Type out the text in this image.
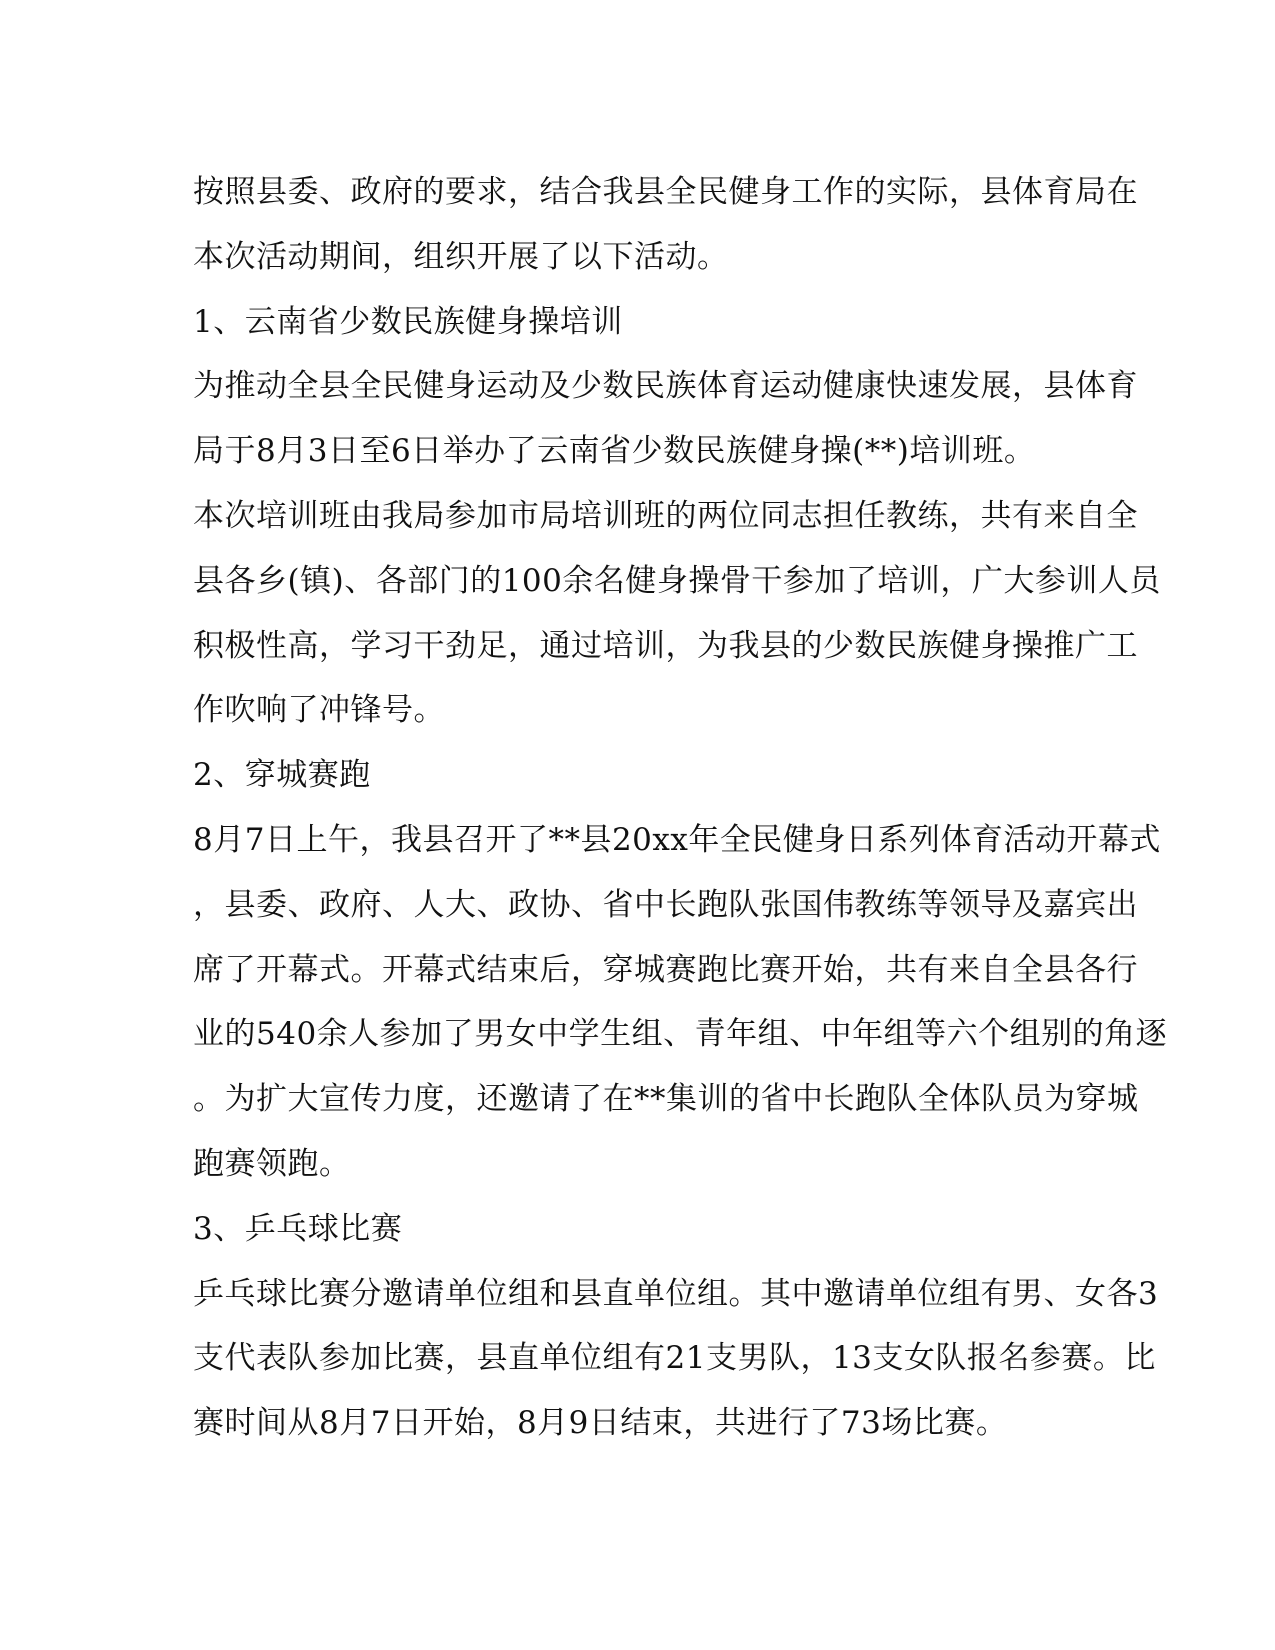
按照县委、政府的要求，结合我县全民健身工作的实际，县体育局在
本次活动期间，组织开展了以下活动。
1、云南省少数民族健身操培训
为推动全县全民健身运动及少数民族体育运动健康快速发展，县体育
局于8月3日至6日举办了云南省少数民族健身操(**)培训班。
本次培训班由我局参加市局培训班的两位同志担任教练，共有来自全
县各乡(镇)、各部门的100余名健身操骨干参加了培训，广大参训人员
积极性高，学习干劲足，通过培训，为我县的少数民族健身操推广工
作吹响了冲锋号。
2、穿城赛跑
8月7日上午，我县召开了**县20xx年全民健身日系列体育活动开幕式
，县委、政府、人大、政协、省中长跑队张国伟教练等领导及嘉宾出
席了开幕式。开幕式结束后，穿城赛跑比赛开始，共有来自全县各行
业的540余人参加了男女中学生组、青年组、中年组等六个组别的角逐
。为扩大宣传力度，还邀请了在**集训的省中长跑队全体队员为穿城
跑赛领跑。
3、乒乓球比赛
乒乓球比赛分邀请单位组和县直单位组。其中邀请单位组有男、女各3
支代表队参加比赛，县直单位组有21支男队，13支女队报名参赛。比
赛时间从8月7日开始，8月9日结束，共进行了73场比赛。
